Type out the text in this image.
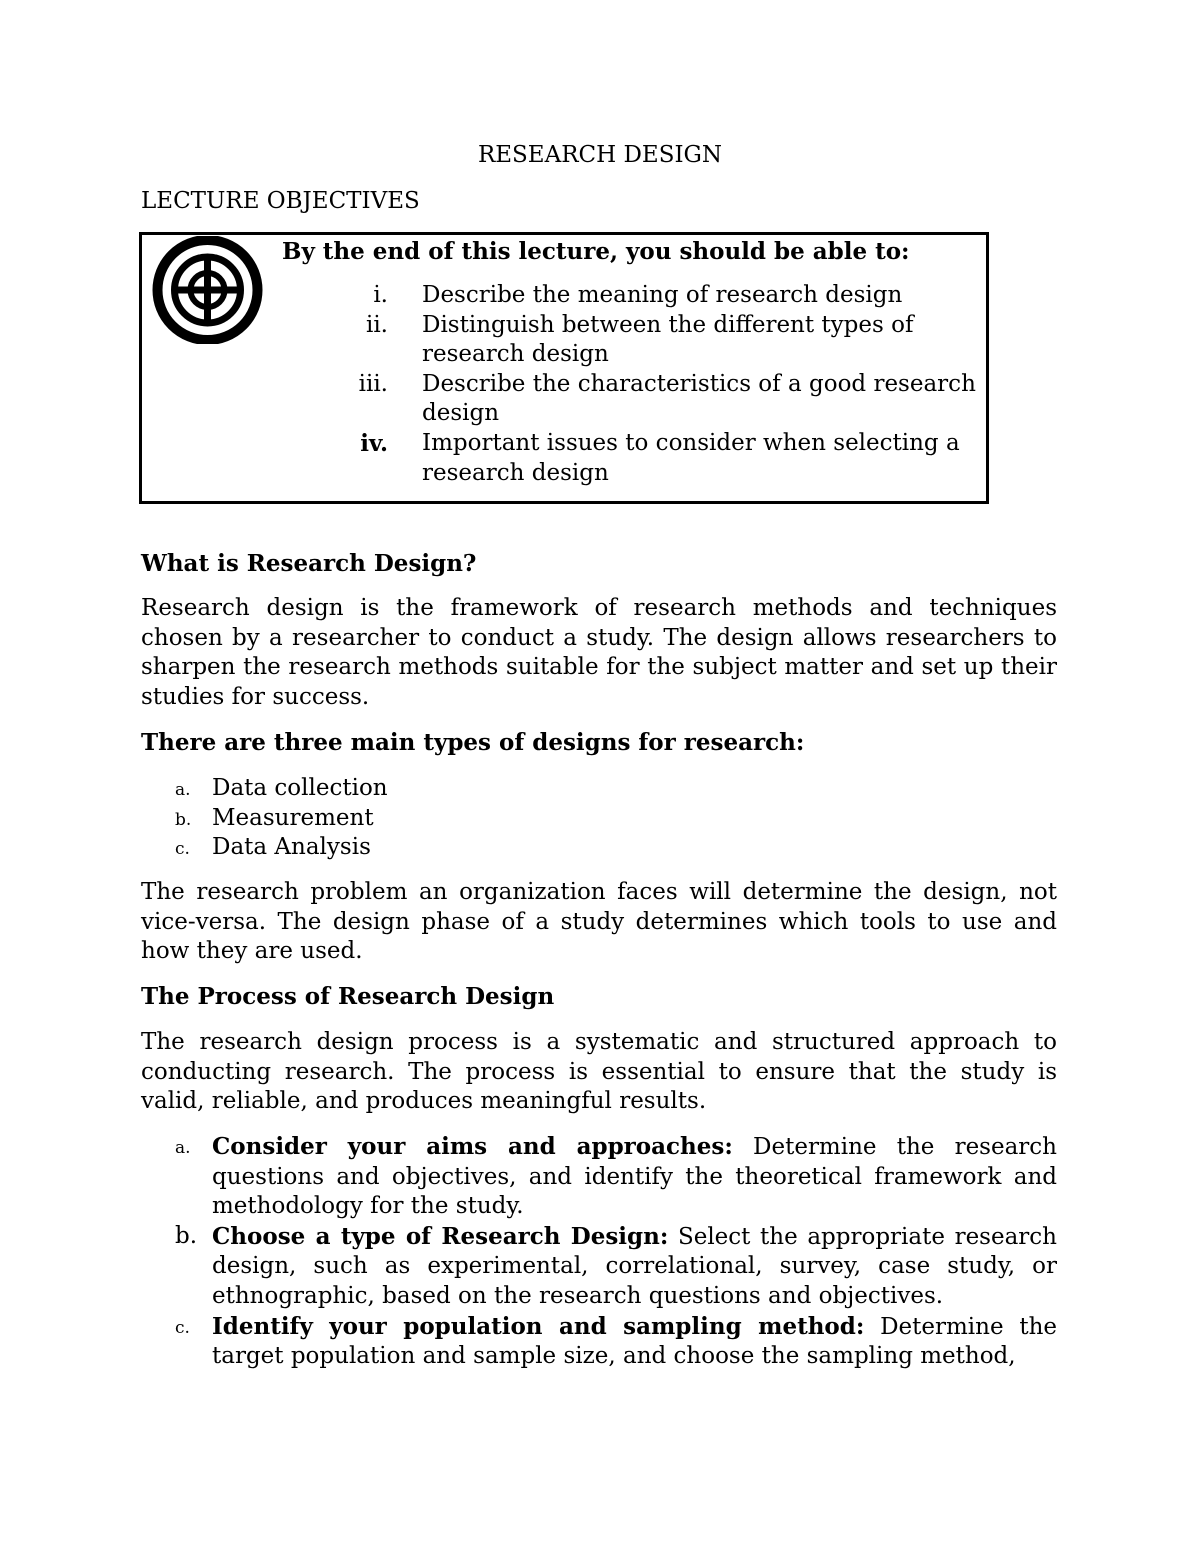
RESEARCH DESIGN
LECTURE OBJECTIVES
By the end of this lecture, you should be able to:
i. Describe the meaning of research design
ii. Distinguish between the different types of research design
iii. Describe the characteristics of a good research design
iv. Important issues to consider when selecting a research design
What is Research Design?

Research design is the framework of research methods and techniques chosen by a researcher to conduct a study. The design allows researchers to sharpen the research methods suitable for the subject matter and set up their studies for success.

There are three main types of designs for research:
a. Data collection
b. Measurement
c. Data Analysis

The research problem an organization faces will determine the design, not vice-versa. The design phase of a study determines which tools to use and how they are used.

The Process of Research Design

The research design process is a systematic and structured approach to conducting research. The process is essential to ensure that the study is valid, reliable, and produces meaningful results.

a. Consider your aims and approaches: Determine the research questions and objectives, and identify the theoretical framework and methodology for the study.
b. Choose a type of Research Design: Select the appropriate research design, such as experimental, correlational, survey, case study, or ethnographic, based on the research questions and objectives.
c. Identify your population and sampling method: Determine the target population and sample size, and choose the sampling method,
